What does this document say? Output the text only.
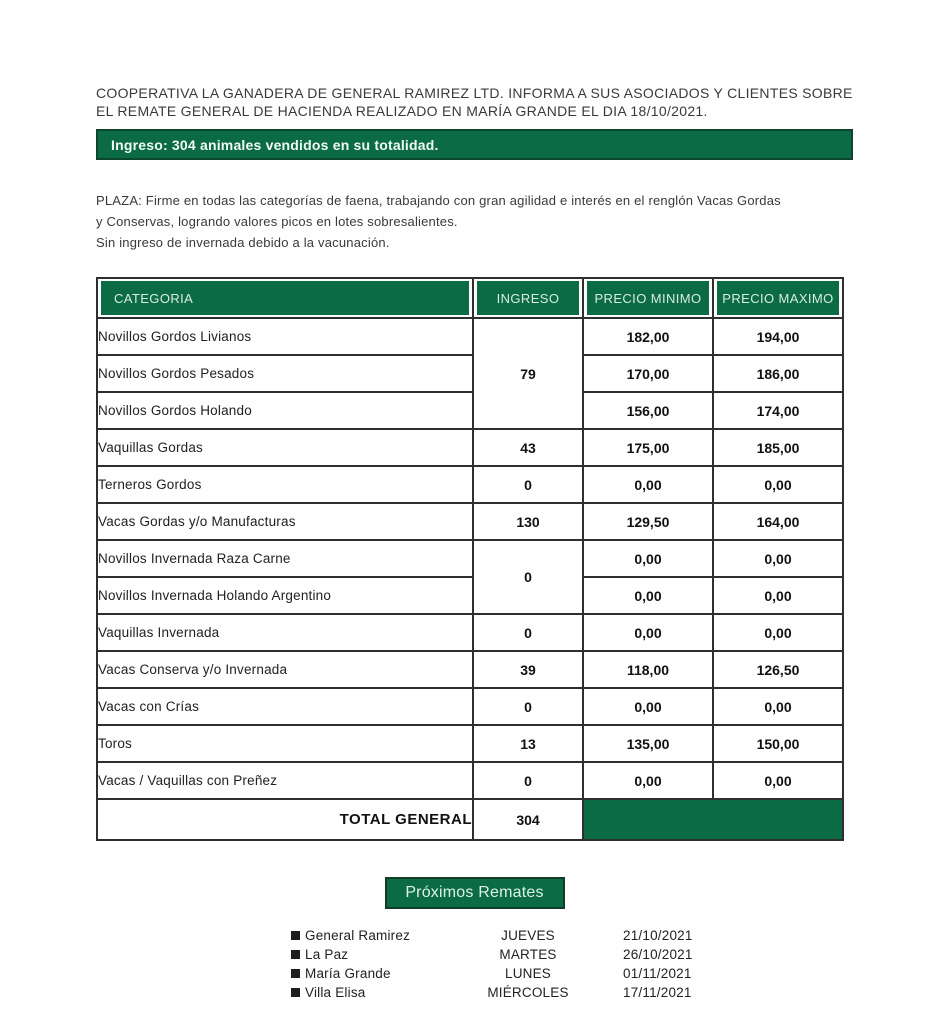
COOPERATIVA LA GANADERA DE GENERAL RAMIREZ LTD. INFORMA A SUS ASOCIADOS Y CLIENTES SOBRE
EL REMATE GENERAL DE HACIENDA REALIZADO EN MARÍA GRANDE EL DIA 18/10/2021.
Ingreso: 304 animales vendidos en su totalidad.
PLAZA: Firme en todas las categorías de faena, trabajando con gran agilidad e interés en el renglón Vacas Gordas
y Conservas, logrando valores picos en lotes sobresalientes.
Sin ingreso de invernada debido a la vacunación.
CATEGORIA	INGRESO	PRECIO MINIMO	PRECIO MAXIMO

Novillos Gordos Livianos	79	182,00	194,00
Novillos Gordos Pesados		170,00	186,00
Novillos Gordos Holando		156,00	174,00
Vaquillas Gordas	43	175,00	185,00
Terneros Gordos	0	0,00	0,00
Vacas Gordas y/o Manufacturas	130	129,50	164,00
Novillos Invernada Raza Carne	0	0,00	0,00
Novillos Invernada Holando Argentino		0,00	0,00
Vaquillas Invernada	0	0,00	0,00
Vacas Conserva y/o Invernada	39	118,00	126,50
Vacas con Crías	0	0,00	0,00
Toros	13	135,00	150,00
Vacas / Vaquillas con Preñez	0	0,00	0,00
TOTAL GENERAL	304		
Próximos Remates
General Ramirez	JUEVES	21/10/2021
La Paz	MARTES	26/10/2021
María Grande	LUNES	01/11/2021
Villa Elisa	MIÉRCOLES	17/11/2021
